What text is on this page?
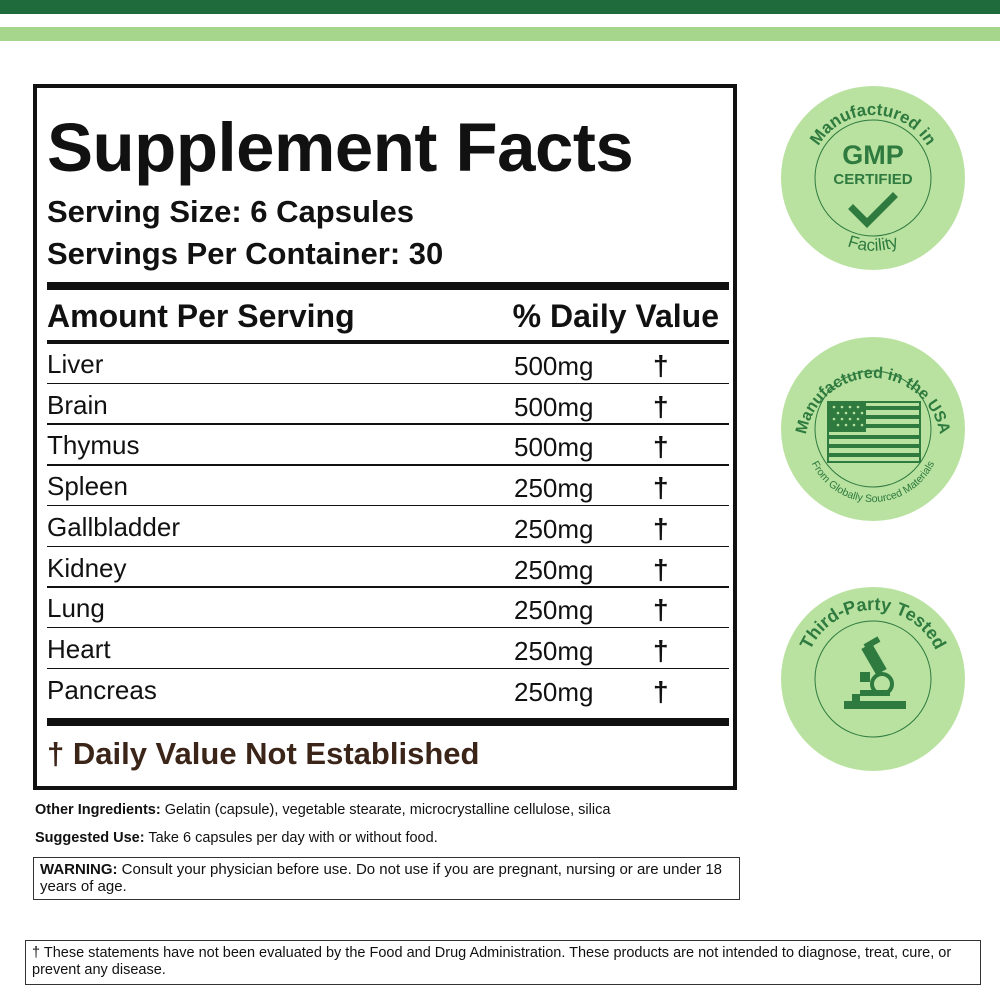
Supplement Facts
Serving Size: 6 Capsules
Servings Per Container: 30
Amount Per Serving	% Daily Value
Liver	500mg †
Brain	500mg †
Thymus	500mg †
Spleen	250mg †
Gallbladder	250mg †
Kidney	250mg †
Lung	250mg †
Heart	250mg †
Pancreas	250mg †
† Daily Value Not Established
Other Ingredients: Gelatin (capsule), vegetable stearate, microcrystalline cellulose, silica
Suggested Use: Take 6 capsules per day with or without food.
WARNING: Consult your physician before use. Do not use if you are pregnant, nursing or are under 18 years of age.
† These statements have not been evaluated by the Food and Drug Administration. These products are not intended to diagnose, treat, cure, or prevent any disease.
Manufactured in
GMP
CERTIFIED
Facility
Manufactured in the USA
From Globally Sourced Materials
Third-Party Tested
